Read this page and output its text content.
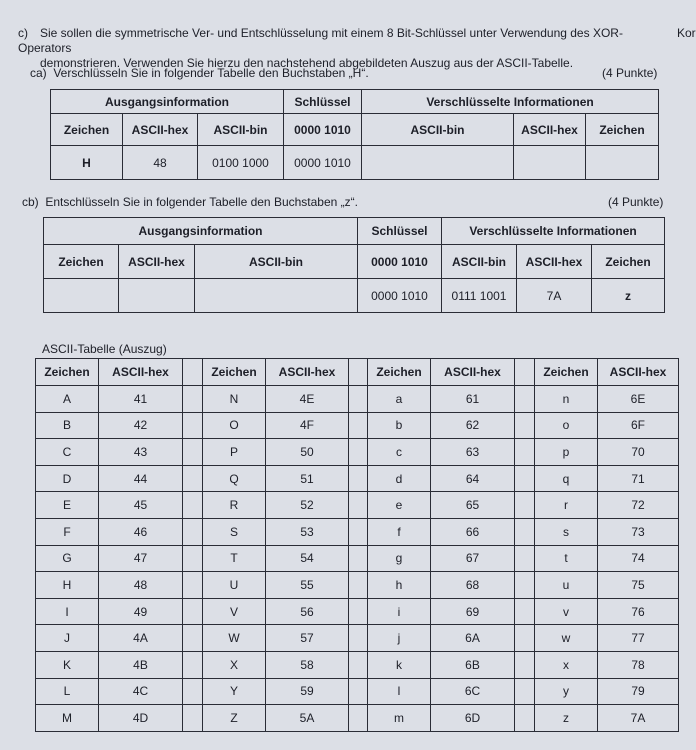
c) Sie sollen die symmetrische Ver- und Entschlüsselung mit einem 8 Bit-Schlüssel unter Verwendung des XOR-Operators
demonstrieren. Verwenden Sie hierzu den nachstehend abgebildeten Auszug aus der ASCII-Tabelle.
Kor
ca) Verschlüsseln Sie in folgender Tabelle den Buchstaben „H“.	(4 Punkte)
Ausgangsinformation			Schlüssel	Verschlüsselte Informationen		
Zeichen	ASCII-hex	ASCII-bin	0000 1010	ASCII-bin	ASCII-hex	Zeichen
H	48	0100 1000	0000 1010			
cb) Entschlüsseln Sie in folgender Tabelle den Buchstaben „z“.	(4 Punkte)
Ausgangsinformation			Schlüssel	Verschlüsselte Informationen		
Zeichen	ASCII-hex	ASCII-bin	0000 1010	ASCII-bin	ASCII-hex	Zeichen
			0000 1010	0111 1001	7A	z
ASCII-Tabelle (Auszug)
Zeichen	ASCII-hex		Zeichen	ASCII-hex		Zeichen	ASCII-hex		Zeichen	ASCII-hex
A	41		N	4E		a	61		n	6E
B	42		O	4F		b	62		o	6F
C	43		P	50		c	63		p	70
D	44		Q	51		d	64		q	71
E	45		R	52		e	65		r	72
F	46		S	53		f	66		s	73
G	47		T	54		g	67		t	74
H	48		U	55		h	68		u	75
I	49		V	56		i	69		v	76
J	4A		W	57		j	6A		w	77
K	4B		X	58		k	6B		x	78
L	4C		Y	59		l	6C		y	79
M	4D		Z	5A		m	6D		z	7A
